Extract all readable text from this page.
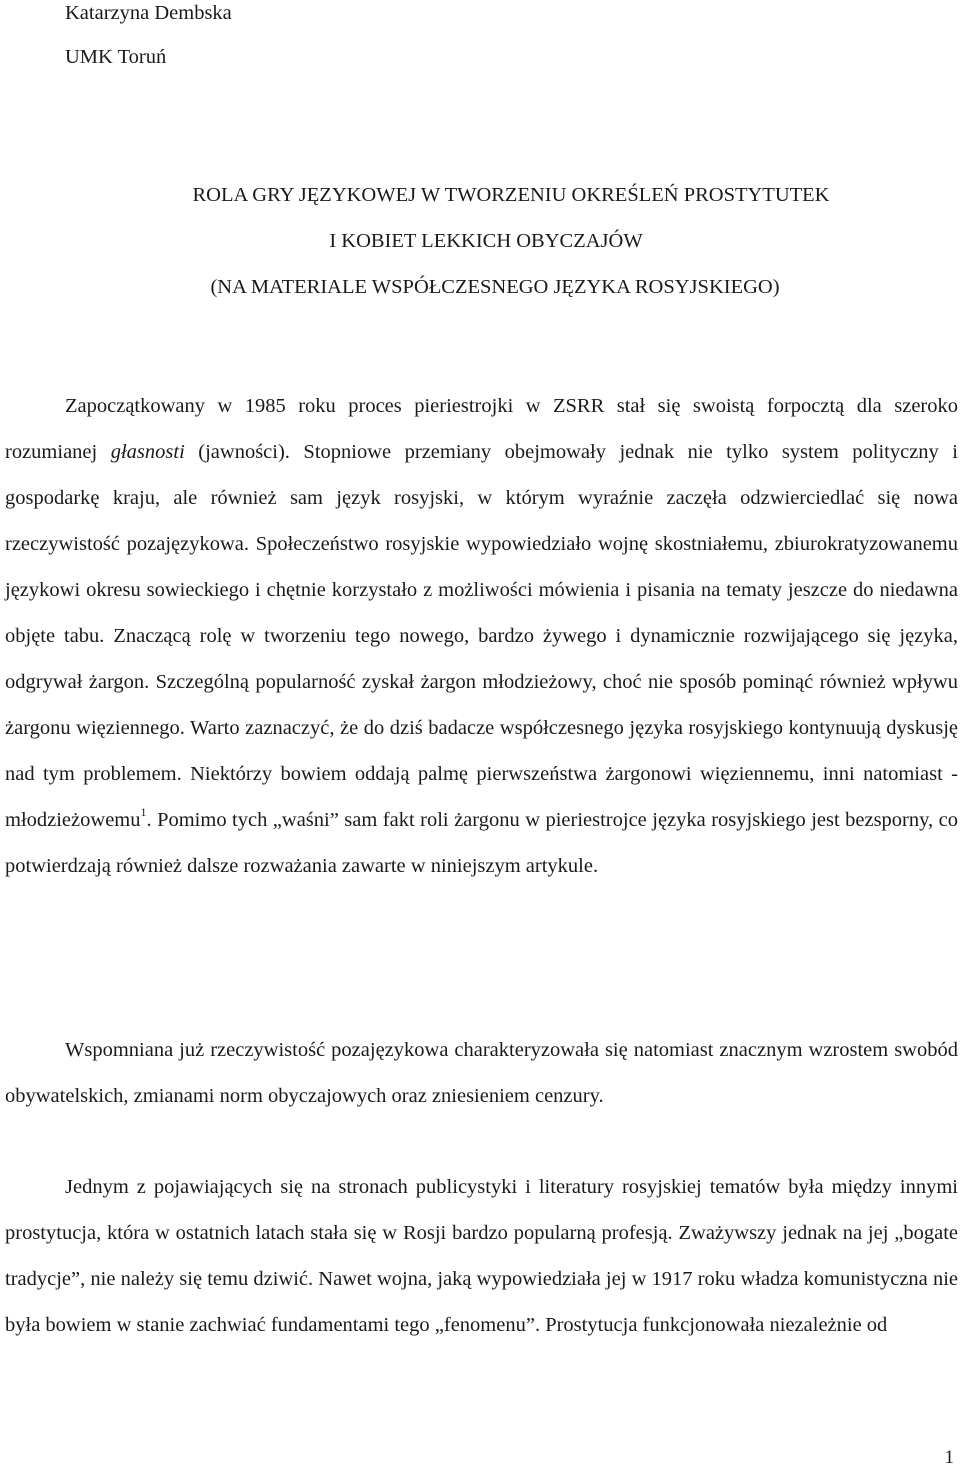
Katarzyna Dembska
UMK Toruń
ROLA GRY JĘZYKOWEJ W TWORZENIU OKREŚLEŃ PROSTYTUTEK
I KOBIET LEKKICH OBYCZAJÓW
(NA MATERIALE WSPÓŁCZESNEGO JĘZYKA ROSYJSKIEGO)

Zapoczątkowany w 1985 roku proces pieriestrojki w ZSRR stał się swoistą forpocztą dla szeroko rozumianej głasnosti (jawności). Stopniowe przemiany obejmowały jednak nie tylko system polityczny i gospodarkę kraju, ale również sam język rosyjski, w którym wyraźnie zaczęła odzwierciedlać się nowa rzeczywistość pozajęzykowa. Społeczeństwo rosyjskie wypowiedziało wojnę skostniałemu, zbiurokratyzowanemu językowi okresu sowieckiego i chętnie korzystało z możliwości mówienia i pisania na tematy jeszcze do niedawna objęte tabu. Znaczącą rolę w tworzeniu tego nowego, bardzo żywego i dynamicznie rozwijającego się języka, odgrywał żargon. Szczególną popularność zyskał żargon młodzieżowy, choć nie sposób pominąć również wpływu żargonu więziennego. Warto zaznaczyć, że do dziś badacze współczesnego języka rosyjskiego kontynuują dyskusję nad tym problemem. Niektórzy bowiem oddają palmę pierwszeństwa żargonowi więziennemu, inni natomiast - młodzieżowemu$^1$. Pomimo tych „waśni” sam fakt roli żargonu w pieriestrojce języka rosyjskiego jest bezsporny, co potwierdzają również dalsze rozważania zawarte w niniejszym artykule.

Wspomniana już rzeczywistość pozajęzykowa charakteryzowała się natomiast znacznym wzrostem swobód obywatelskich, zmianami norm obyczajowych oraz zniesieniem cenzury.

Jednym z pojawiających się na stronach publicystyki i literatury rosyjskiej tematów była między innymi prostytucja, która w ostatnich latach stała się w Rosji bardzo popularną profesją. Zważywszy jednak na jej „bogate tradycje”, nie należy się temu dziwić. Nawet wojna, jaką wypowiedziała jej w 1917 roku władza komunistyczna nie była bowiem w stanie zachwiać fundamentami tego „fenomenu”. Prostytucja funkcjonowała niezależnie od

1
